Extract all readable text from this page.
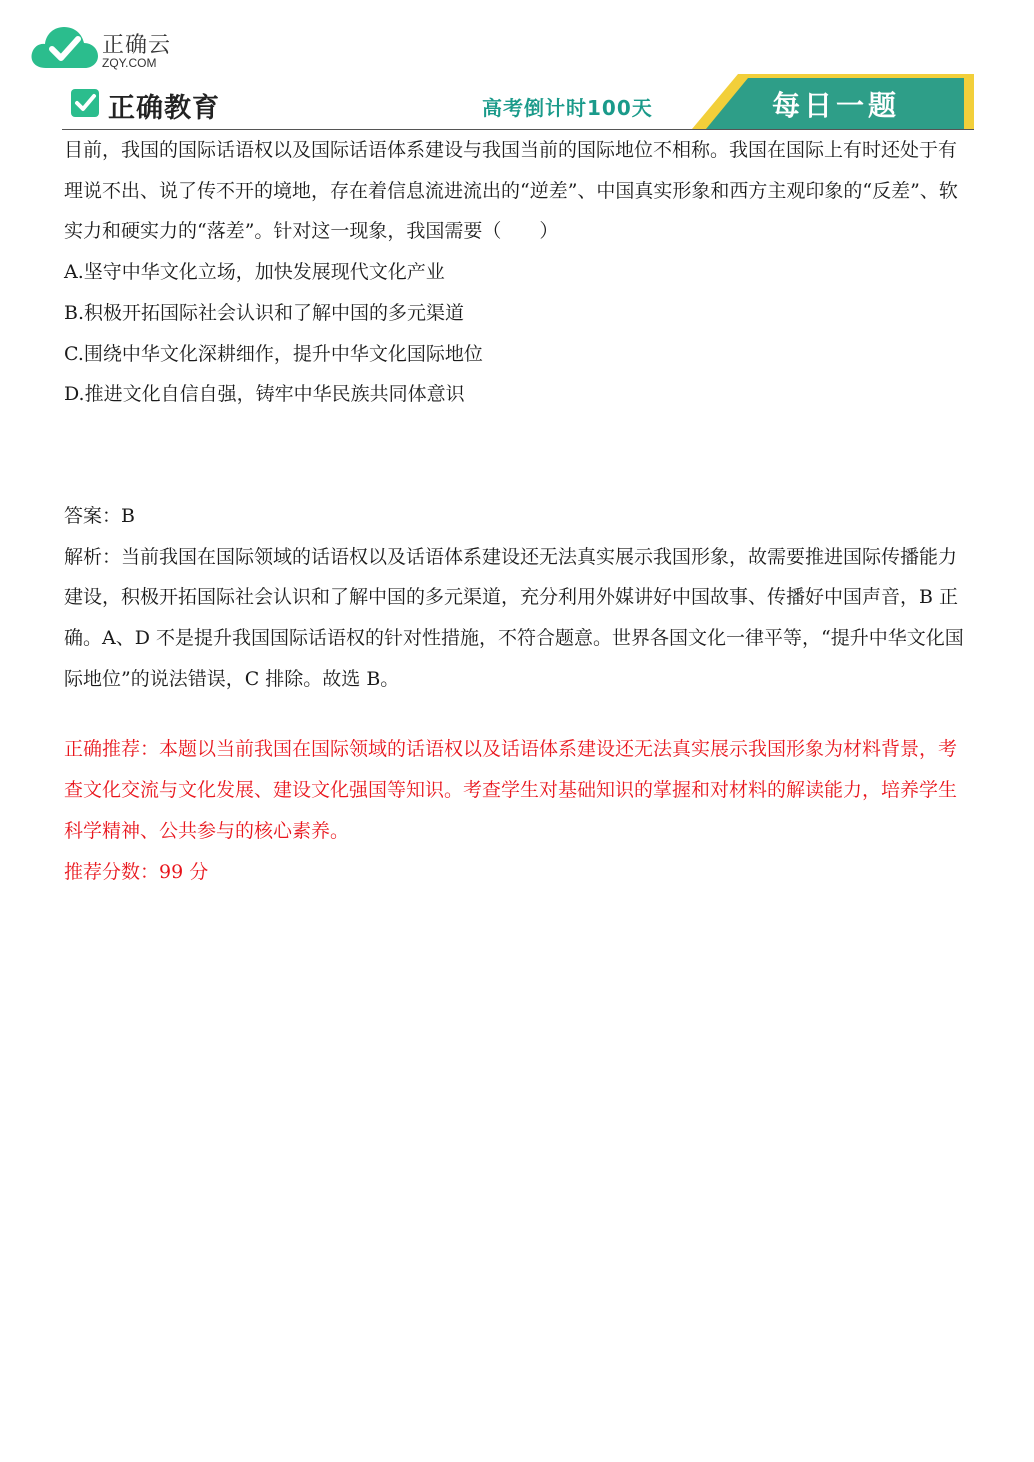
正确云
ZQY.COM
正确教育	高考倒计时100天	每日一题

目前，我国的国际话语权以及国际话语体系建设与我国当前的国际地位不相称。我国在国际上有时还处于有理说不出、说了传不开的境地，存在着信息流进流出的“逆差”、中国真实形象和西方主观印象的“反差”、软实力和硬实力的“落差”。针对这一现象，我国需要（　　）

A.坚守中华文化立场，加快发展现代文化产业

B.积极开拓国际社会认识和了解中国的多元渠道

C.围绕中华文化深耕细作，提升中华文化国际地位

D.推进文化自信自强，铸牢中华民族共同体意识

答案：B

解析：当前我国在国际领域的话语权以及话语体系建设还无法真实展示我国形象，故需要推进国际传播能力建设，积极开拓国际社会认识和了解中国的多元渠道，充分利用外媒讲好中国故事、传播好中国声音，B 正确。A、D 不是提升我国国际话语权的针对性措施，不符合题意。世界各国文化一律平等，“提升中华文化国际地位”的说法错误，C 排除。故选 B。

正确推荐：本题以当前我国在国际领域的话语权以及话语体系建设还无法真实展示我国形象为材料背景，考查文化交流与文化发展、建设文化强国等知识。考查学生对基础知识的掌握和对材料的解读能力，培养学生科学精神、公共参与的核心素养。

推荐分数：99 分
